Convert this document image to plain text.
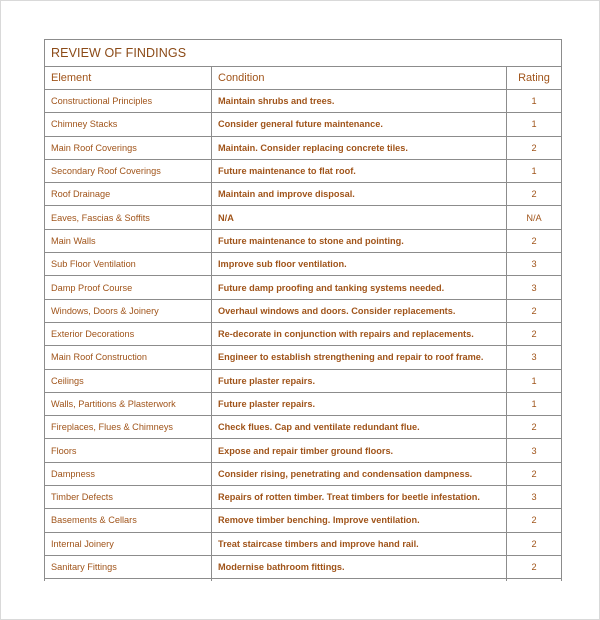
REVIEW OF FINDINGS		
Element	Condition	Rating
Constructional Principles	Maintain shrubs and trees.	1
Chimney Stacks	Consider general future maintenance.	1
Main Roof Coverings	Maintain. Consider replacing concrete tiles.	2
Secondary Roof Coverings	Future maintenance to flat roof.	1
Roof Drainage	Maintain and improve disposal.	2
Eaves, Fascias & Soffits	N/A	N/A
Main Walls	Future maintenance to stone and pointing.	2
Sub Floor Ventilation	Improve sub floor ventilation.	3
Damp Proof Course	Future damp proofing and tanking systems needed.	3
Windows, Doors & Joinery	Overhaul windows and doors. Consider replacements.	2
Exterior Decorations	Re-decorate in conjunction with repairs and replacements.	2
Main Roof Construction	Engineer to establish strengthening and repair to roof frame.	3
Ceilings	Future plaster repairs.	1
Walls, Partitions & Plasterwork	Future plaster repairs.	1
Fireplaces, Flues & Chimneys	Check flues. Cap and ventilate redundant flue.	2
Floors	Expose and repair timber ground floors.	3
Dampness	Consider rising, penetrating and condensation dampness.	2
Timber Defects	Repairs of rotten timber. Treat timbers for beetle infestation.	3
Basements & Cellars	Remove timber benching. Improve ventilation.	2
Internal Joinery	Treat staircase timbers and improve hand rail.	2
Sanitary Fittings	Modernise bathroom fittings.	2
